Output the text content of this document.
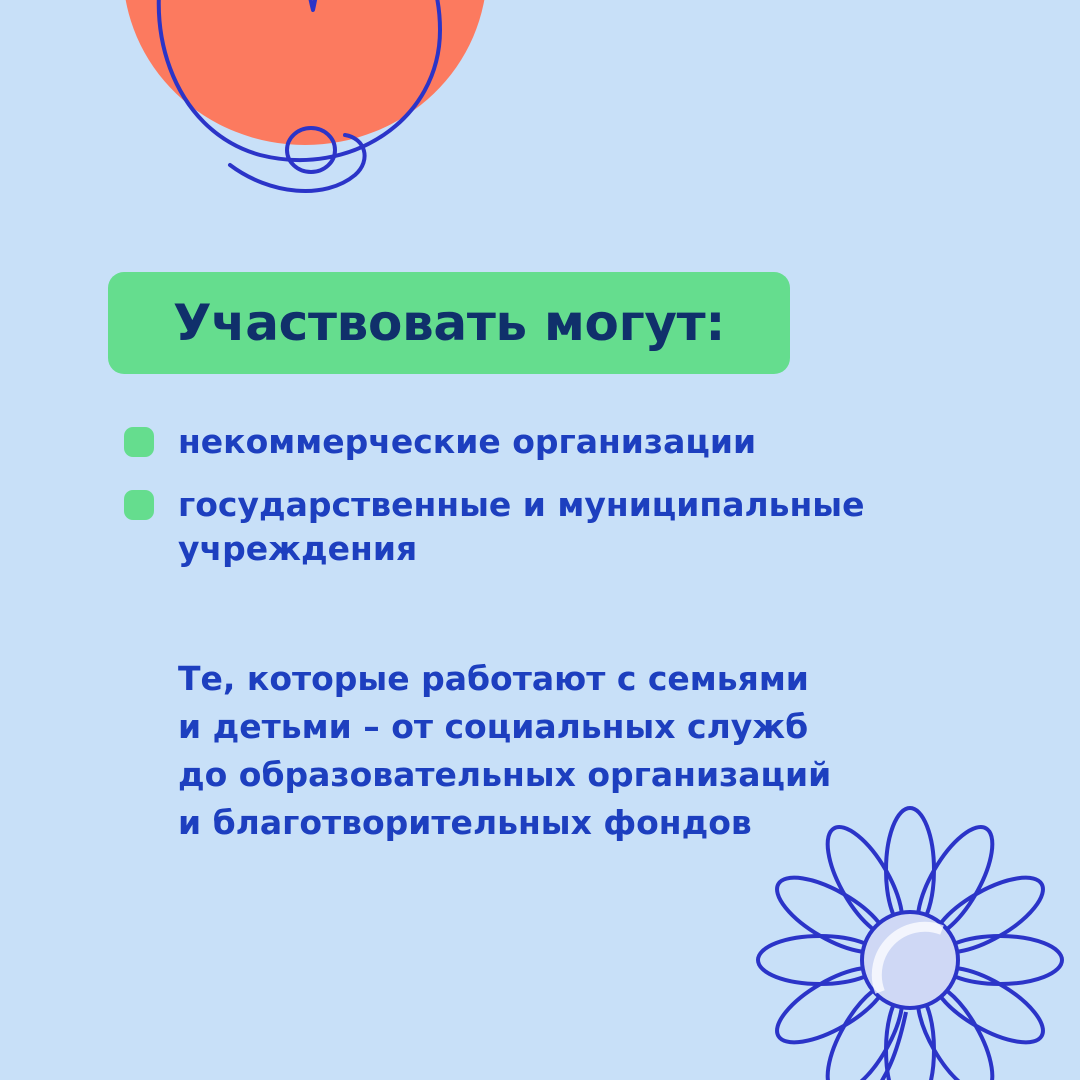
Участвовать могут:
некоммерческие организации
государственные и муниципальные учреждения
Те, которые работают с семьями
и детьми – от социальных служб
до образовательных организаций
и благотворительных фондов
